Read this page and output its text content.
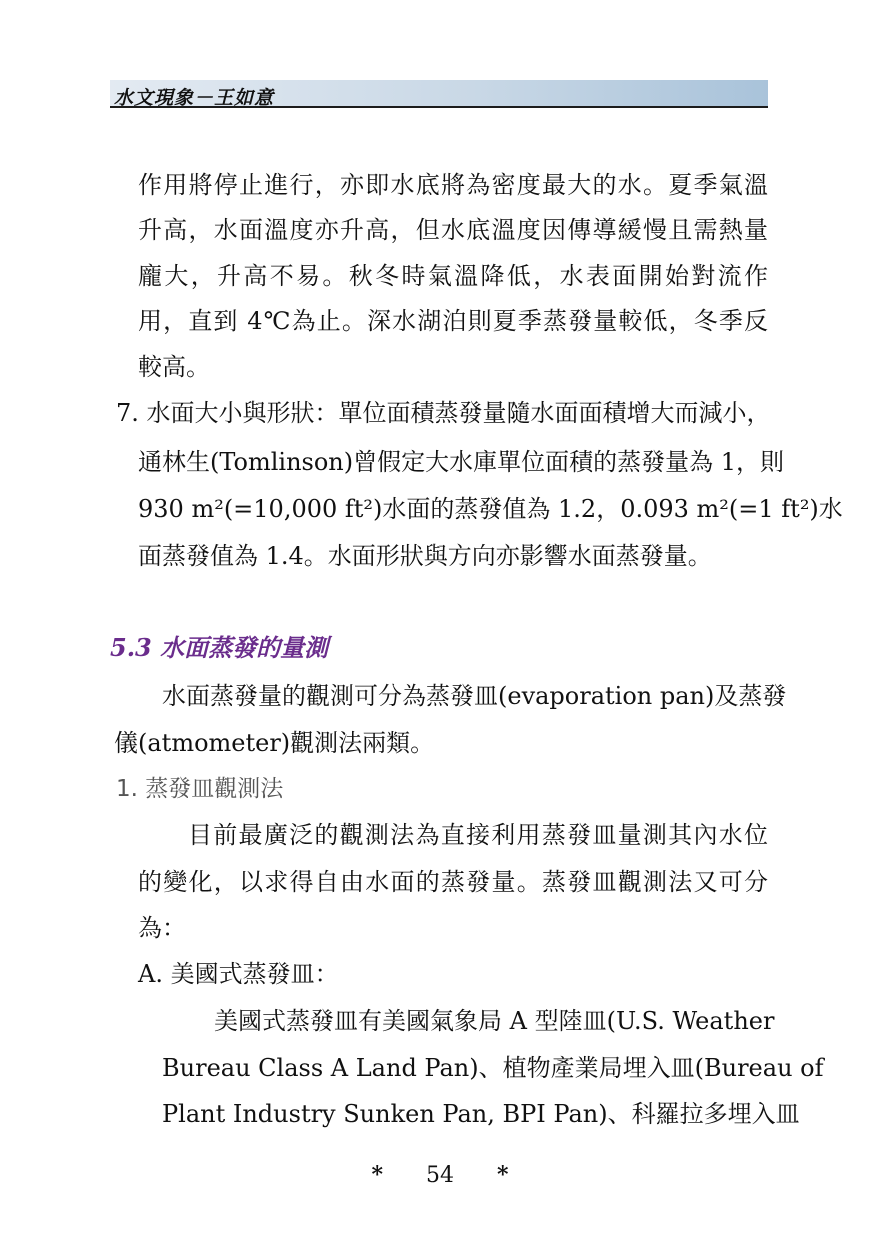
水文現象－王如意
作用將停止進行，亦即水底將為密度最大的水。夏季氣溫
升高，水面溫度亦升高，但水底溫度因傳導緩慢且需熱量
龐大，升高不易。秋冬時氣溫降低，水表面開始對流作
用，直到 4℃為止。深水湖泊則夏季蒸發量較低，冬季反
較高。
7. 水面大小與形狀：單位面積蒸發量隨水面面積增大而減小，
通林生(Tomlinson)曾假定大水庫單位面積的蒸發量為 1，則
930 m²(=10,000 ft²)水面的蒸發值為 1.2，0.093 m²(=1 ft²)水
面蒸發值為 1.4。水面形狀與方向亦影響水面蒸發量。
5.3 水面蒸發的量測
水面蒸發量的觀測可分為蒸發皿(evaporation pan)及蒸發
儀(atmometer)觀測法兩類。
1. 蒸發皿觀測法
目前最廣泛的觀測法為直接利用蒸發皿量測其內水位
的變化，以求得自由水面的蒸發量。蒸發皿觀測法又可分
為：
A. 美國式蒸發皿：
美國式蒸發皿有美國氣象局 A 型陸皿(U.S. Weather
Bureau Class A Land Pan)、植物產業局埋入皿(Bureau of
Plant Industry Sunken Pan, BPI Pan)、科羅拉多埋入皿
* 54 *
